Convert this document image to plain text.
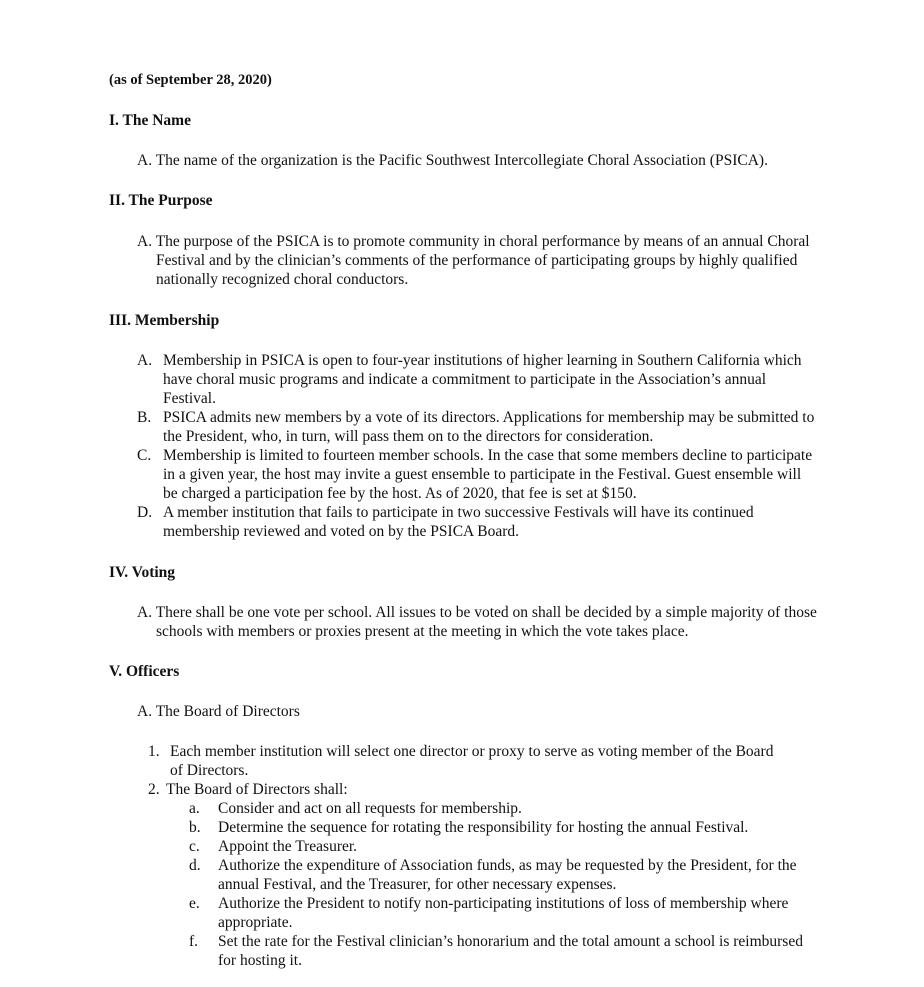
(as of September 28, 2020)
I. The Name
A. The name of the organization is the Pacific Southwest Intercollegiate Choral Association (PSICA).
II. The Purpose
A. The purpose of the PSICA is to promote community in choral performance by means of an annual Choral Festival and by the clinician’s comments of the performance of participating groups by highly qualified nationally recognized choral conductors.
III. Membership
A. Membership in PSICA is open to four-year institutions of higher learning in Southern California which have choral music programs and indicate a commitment to participate in the Association’s annual Festival.
B. PSICA admits new members by a vote of its directors. Applications for membership may be submitted to the President, who, in turn, will pass them on to the directors for consideration.
C. Membership is limited to fourteen member schools. In the case that some members decline to participate in a given year, the host may invite a guest ensemble to participate in the Festival. Guest ensemble will be charged a participation fee by the host. As of 2020, that fee is set at $150.
D. A member institution that fails to participate in two successive Festivals will have its continued membership reviewed and voted on by the PSICA Board.
IV. Voting
A. There shall be one vote per school. All issues to be voted on shall be decided by a simple majority of those schools with members or proxies present at the meeting in which the vote takes place.
V. Officers
A. The Board of Directors
1. Each member institution will select one director or proxy to serve as voting member of the Board of Directors.
2. The Board of Directors shall:
a. Consider and act on all requests for membership.
b. Determine the sequence for rotating the responsibility for hosting the annual Festival.
c. Appoint the Treasurer.
d. Authorize the expenditure of Association funds, as may be requested by the President, for the annual Festival, and the Treasurer, for other necessary expenses.
e. Authorize the President to notify non-participating institutions of loss of membership where appropriate.
f. Set the rate for the Festival clinician’s honorarium and the total amount a school is reimbursed for hosting it.
